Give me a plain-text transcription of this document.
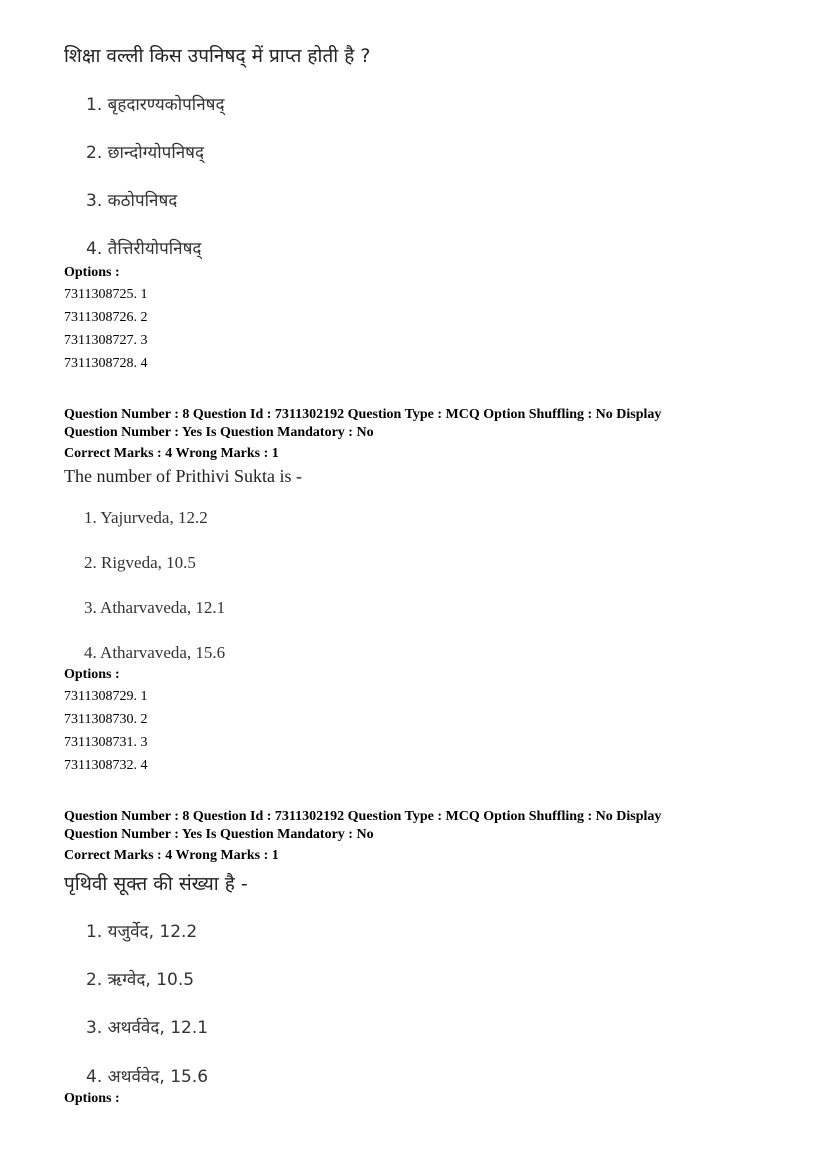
शिक्षा वल्ली किस उपनिषद् में प्राप्त होती है ?
1. बृहदारण्यकोपनिषद्
2. छान्दोग्योपनिषद्
3. कठोपनिषद
4. तैत्तिरीयोपनिषद्
Options :
7311308725. 1
7311308726. 2
7311308727. 3
7311308728. 4
Question Number : 8 Question Id : 7311302192 Question Type : MCQ Option Shuffling : No Display
Question Number : Yes Is Question Mandatory : No
Correct Marks : 4 Wrong Marks : 1
The number of Prithivi Sukta is -
1. Yajurveda, 12.2
2. Rigveda, 10.5
3. Atharvaveda, 12.1
4. Atharvaveda, 15.6
Options :
7311308729. 1
7311308730. 2
7311308731. 3
7311308732. 4
Question Number : 8 Question Id : 7311302192 Question Type : MCQ Option Shuffling : No Display
Question Number : Yes Is Question Mandatory : No
Correct Marks : 4 Wrong Marks : 1
पृथिवी सूक्त की संख्या है -
1. यजुर्वेद, 12.2
2. ऋग्वेद, 10.5
3. अथर्ववेद, 12.1
4. अथर्ववेद, 15.6
Options :
